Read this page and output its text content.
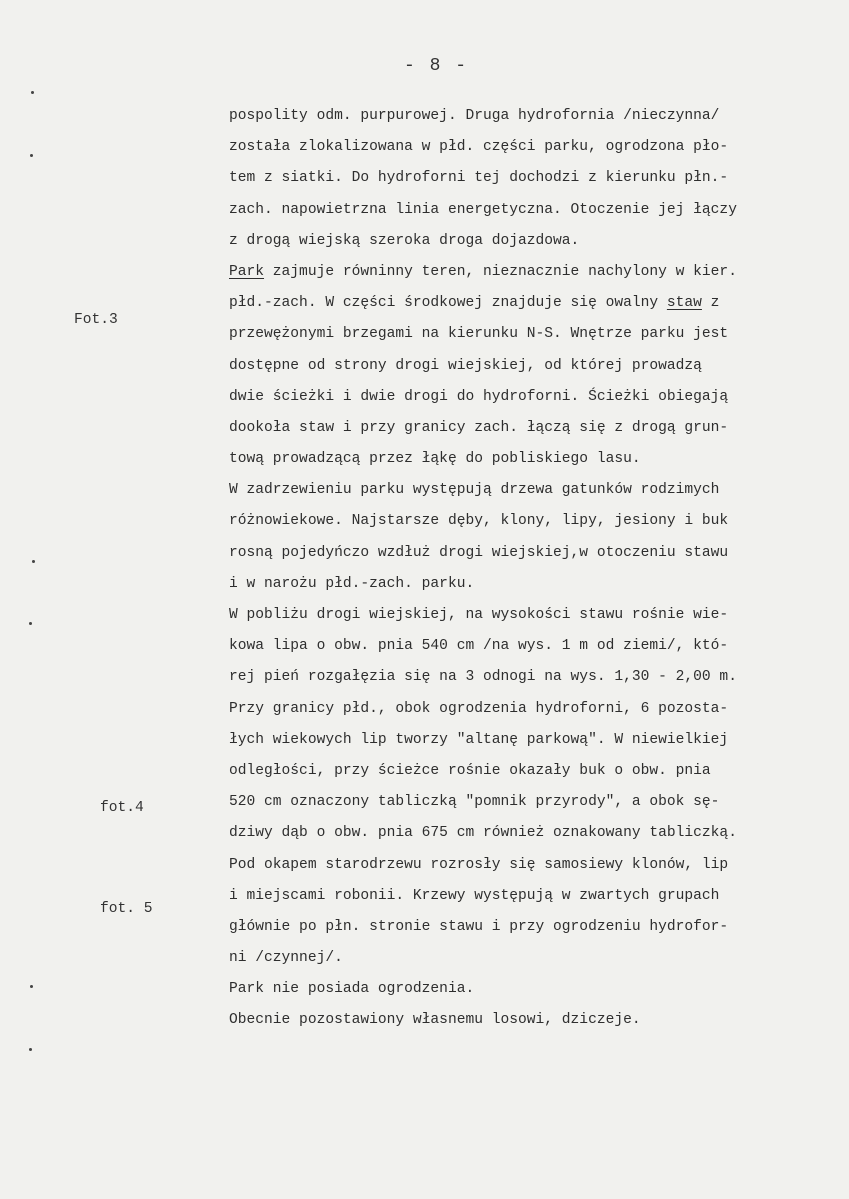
- 8 -
Fot.3
fot.4
fot. 5
pospolity odm. purpurowej. Druga hydrofornia /nieczynna/
została zlokalizowana w płd. części parku, ogrodzona pło-
tem z siatki. Do hydroforni tej dochodzi z kierunku płn.-
zach. napowietrzna linia energetyczna. Otoczenie jej łączy
z drogą wiejską szeroka droga dojazdowa.
Park zajmuje równinny teren, nieznacznie nachylony w kier.
płd.-zach. W części środkowej znajduje się owalny staw z
przewężonymi brzegami na kierunku N-S. Wnętrze parku jest
dostępne od strony drogi wiejskiej, od której prowadzą
dwie ścieżki i dwie drogi do hydroforni. Ścieżki obiegają
dookoła staw i przy granicy zach. łączą się z drogą grun-
tową prowadzącą przez łąkę do pobliskiego lasu.
W zadrzewieniu parku występują drzewa gatunków rodzimych
różnowiekowe. Najstarsze dęby, klony, lipy, jesiony i buk
rosną pojedyńczo wzdłuż drogi wiejskiej,w otoczeniu stawu
i w narożu płd.-zach. parku.
W pobliżu drogi wiejskiej, na wysokości stawu rośnie wie-
kowa lipa o obw. pnia 540 cm /na wys. 1 m od ziemi/, któ-
rej pień rozgałęzia się na 3 odnogi na wys. 1,30 - 2,00 m.
Przy granicy płd., obok ogrodzenia hydroforni, 6 pozosta-
łych wiekowych lip tworzy "altanę parkową". W niewielkiej
odległości, przy ścieżce rośnie okazały buk o obw. pnia
520 cm oznaczony tabliczką "pomnik przyrody", a obok sę-
dziwy dąb o obw. pnia 675 cm również oznakowany tabliczką.
Pod okapem starodrzewu rozrosły się samosiewy klonów, lip
i miejscami robonii. Krzewy występują w zwartych grupach
głównie po płn. stronie stawu i przy ogrodzeniu hydrofor-
ni /czynnej/.
Park nie posiada ogrodzenia.
Obecnie pozostawiony własnemu losowi, dziczeje.
